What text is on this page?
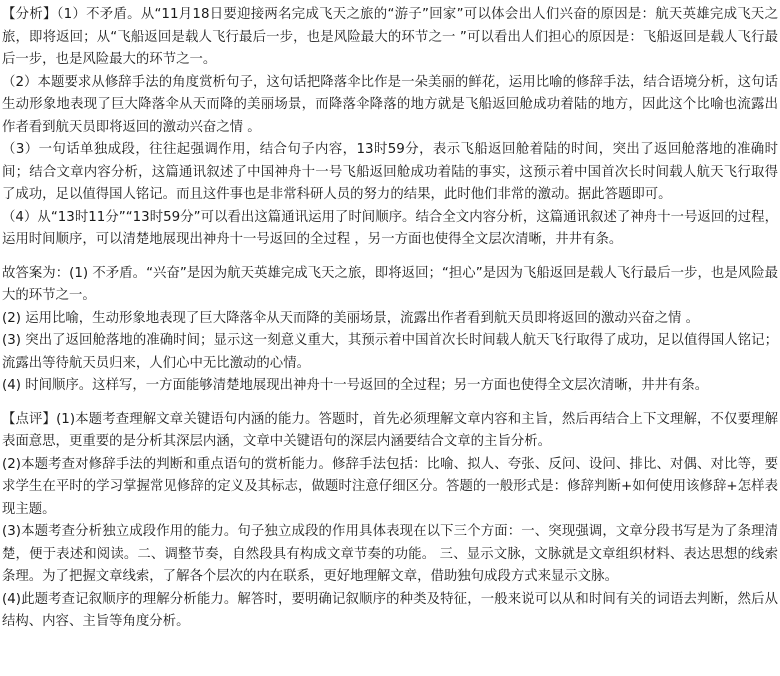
【分析】（1）不矛盾。从“11月18日要迎接两名完成飞天之旅的“游子”回家”可以体会出人们兴奋的原因是：航天英雄完成飞天之旅，即将返回；从“飞船返回是载人飞行最后一步，也是风险最大的环节之一 ”可以看出人们担心的原因是：飞船返回是载人飞行最后一步，也是风险最大的环节之一。

（2）本题要求从修辞手法的角度赏析句子，这句话把降落伞比作是一朵美丽的鲜花，运用比喻的修辞手法，结合语境分析，这句话生动形象地表现了巨大降落伞从天而降的美丽场景，而降落伞降落的地方就是飞船返回舱成功着陆的地方，因此这个比喻也流露出作者看到航天员即将返回的激动兴奋之情 。

（3）一句话单独成段，往往起强调作用，结合句子内容，13时59分，表示飞船返回舱着陆的时间，突出了返回舱落地的准确时间；结合文章内容分析，这篇通讯叙述了中国神舟十一号飞船返回舱成功着陆的事实，这预示着中国首次长时间载人航天飞行取得了成功，足以值得国人铭记。而且这件事也是非常科研人员的努力的结果，此时他们非常的激动。据此答题即可。

（4）从“13时11分”“13时59分”可以看出这篇通讯运用了时间顺序。结合全文内容分析，这篇通讯叙述了神舟十一号返回的过程，运用时间顺序，可以清楚地展现出神舟十一号返回的全过程 ，另一方面也使得全文层次清晰，井井有条。

故答案为：(1) 不矛盾。“兴奋”是因为航天英雄完成飞天之旅，即将返回；“担心”是因为飞船返回是载人飞行最后一步，也是风险最大的环节之一。

(2) 运用比喻，生动形象地表现了巨大降落伞从天而降的美丽场景，流露出作者看到航天员即将返回的激动兴奋之情 。

(3) 突出了返回舱落地的准确时间；显示这一刻意义重大，其预示着中国首次长时间载人航天飞行取得了成功，足以值得国人铭记；流露出等待航天员归来，人们心中无比激动的心情。

(4) 时间顺序。这样写，一方面能够清楚地展现出神舟十一号返回的全过程；另一方面也使得全文层次清晰，井井有条。

【点评】(1)本题考查理解文章关键语句内涵的能力。答题时，首先必须理解文章内容和主旨，然后再结合上下文理解，不仅要理解表面意思，更重要的是分析其深层内涵，文章中关键语句的深层内涵要结合文章的主旨分析。

(2)本题考查对修辞手法的判断和重点语句的赏析能力。修辞手法包括：比喻、拟人、夸张、反问、设问、排比、对偶、对比等，要求学生在平时的学习掌握常见修辞的定义及其标志，做题时注意仔细区分。答题的一般形式是：修辞判断+如何使用该修辞+怎样表现主题。

(3)本题考查分析独立成段作用的能力。句子独立成段的作用具体表现在以下三个方面：一、突现强调，文章分段书写是为了条理清楚，便于表述和阅读。二、调整节奏，自然段具有构成文章节奏的功能。 三、显示文脉，文脉就是文章组织材料、表达思想的线索条理。为了把握文章线索，了解各个层次的内在联系，更好地理解文章，借助独句成段方式来显示文脉。

(4)此题考查记叙顺序的理解分析能力。解答时，要明确记叙顺序的种类及特征，一般来说可以从和时间有关的词语去判断，然后从结构、内容、主旨等角度分析。
